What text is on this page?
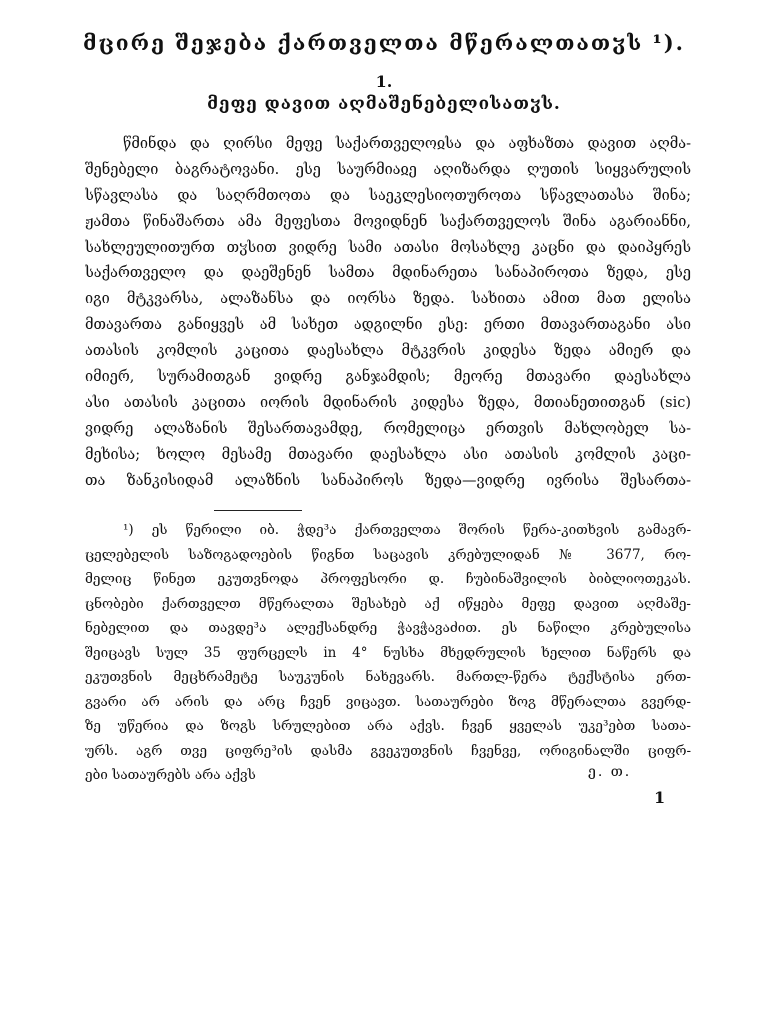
მცირე შეჯება ქართველთა მწერალთათჳს ¹).
1.
მეფე დავით აღმაშენებელისათჳს.
წმინდა და ღირსი მეფე საქართველოჲსა და აფხაზთა დავით აღმა-
შენებელი ბაგრატოვანი. ესე საურმიაჲე აღიზარდა ღუთის სიყვარულის
სწავლასა და საღრმთოთა და საეკლესიოთუროთა სწავლათასა შინა;
ჟამთა წინაშართა ამა მეფესთა მოვიდნენ საქართველოს შინა აგარიანნი,
სახლეულითურთ თჳსით ვიდრე სამი ათასი მოსახლე კაცნი და დაიპყრეს
საქართველო და დაეშენენ სამთა მდინარეთა სანაპიროთა ზედა, ესე
იგი მტკვარსა, ალაზანსა და იორსა ზედა. სახითა ამით მათ ელისა
მთავართა განიყვეს ამ სახეთ ადგილნი ესე: ერთი მთავართაგანი ასი
ათასის კომლის კაცითა დაესახლა მტკვრის კიდესა ზედა ამიერ და
იმიერ, სურამითგან ვიდრე განჯამდის; მეორე მთავარი დაესახლა
ასი ათასის კაცითა იორის მდინარის კიდესა ზედა, მთიანეთითგან (sic)
ვიდრე ალაზანის შესართავამდე, რომელიცა ერთვის მახლობელ სა-
მეხისა; ხოლო მესამე მთავარი დაესახლა ასი ათასის კომლის კაცი-
თა ზანკისიდამ ალაზნის სანაპიროს ზედა—ვიდრე ივრისა შესართა-
¹) ეს წერილი იბ. ჭდე³ა ქართველთა შორის წერა-კითხვის გამავრ-
ცელებელის საზოგადოების წიგნთ საცავის კრებულიდან № 3677, რო-
მელიც წინეთ ეკუთვნოდა პროფესორი დ. ჩუბინაშვილის ბიბლიოთეკას.
ცნობები ქართველთ მწერალთა შესახებ აქ იწყება მეფე დავით აღმაშე-
ნებელით და თავდე³ა ალექსანდრე ჭავჭავაძით. ეს ნაწილი კრებულისა
შეიცავს სულ 35 ფურცელს in 4° ნუსხა მხედრულის ხელით ნაწერს და
ეკუთვნის მეცხრამეტე საუკუნის ნახევარს. მართლ-წერა ტექსტისა ერთ-
გვარი არ არის და არც ჩვენ ვიცავთ. სათაურები ზოგ მწერალთა გვერდ-
ზე უწერია და ზოგს სრულებით არა აქვს. ჩვენ ყველას უკე³ებთ სათა-
ურს. აგრ თვე ციფრე³ის დასმა გვეკუთვნის ჩვენვე, ორიგინალში ციფრ-
ები სათაურებს არა აქვს	ე. თ.
1
